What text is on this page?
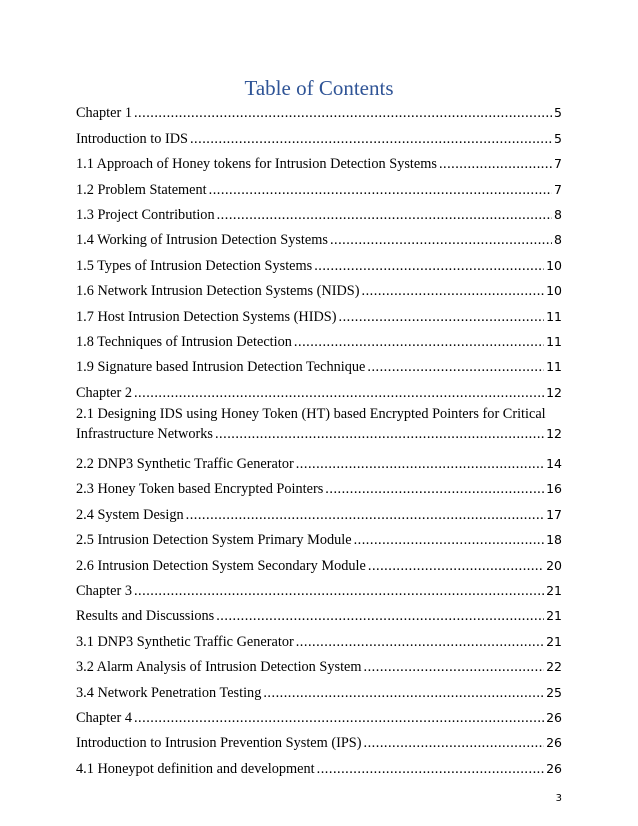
Table of Contents
Chapter 1 .....	5
Introduction to IDS .....	5
1.1 Approach of Honey tokens for Intrusion Detection Systems .....	7
1.2 Problem Statement .....	7
1.3 Project Contribution .....	8
1.4 Working of Intrusion Detection Systems .....	8
1.5 Types of Intrusion Detection Systems .....	10
1.6 Network Intrusion Detection Systems (NIDS) .....	10
1.7 Host Intrusion Detection Systems (HIDS) .....	11
1.8 Techniques of Intrusion Detection .....	11
1.9 Signature based Intrusion Detection Technique .....	11
Chapter 2 .....	12
2.1 Designing IDS using Honey Token (HT) based Encrypted Pointers for Critical
Infrastructure Networks .....	12
2.2 DNP3 Synthetic Traffic Generator .....	14
2.3 Honey Token based Encrypted Pointers .....	16
2.4 System Design .....	17
2.5 Intrusion Detection System Primary Module .....	18
2.6 Intrusion Detection System Secondary Module .....	20
Chapter 3 .....	21
Results and Discussions .....	21
3.1 DNP3 Synthetic Traffic Generator .....	21
3.2 Alarm Analysis of Intrusion Detection System .....	22
3.4 Network Penetration Testing .....	25
Chapter 4 .....	26
Introduction to Intrusion Prevention System (IPS) .....	26
4.1 Honeypot definition and development .....	26
3
